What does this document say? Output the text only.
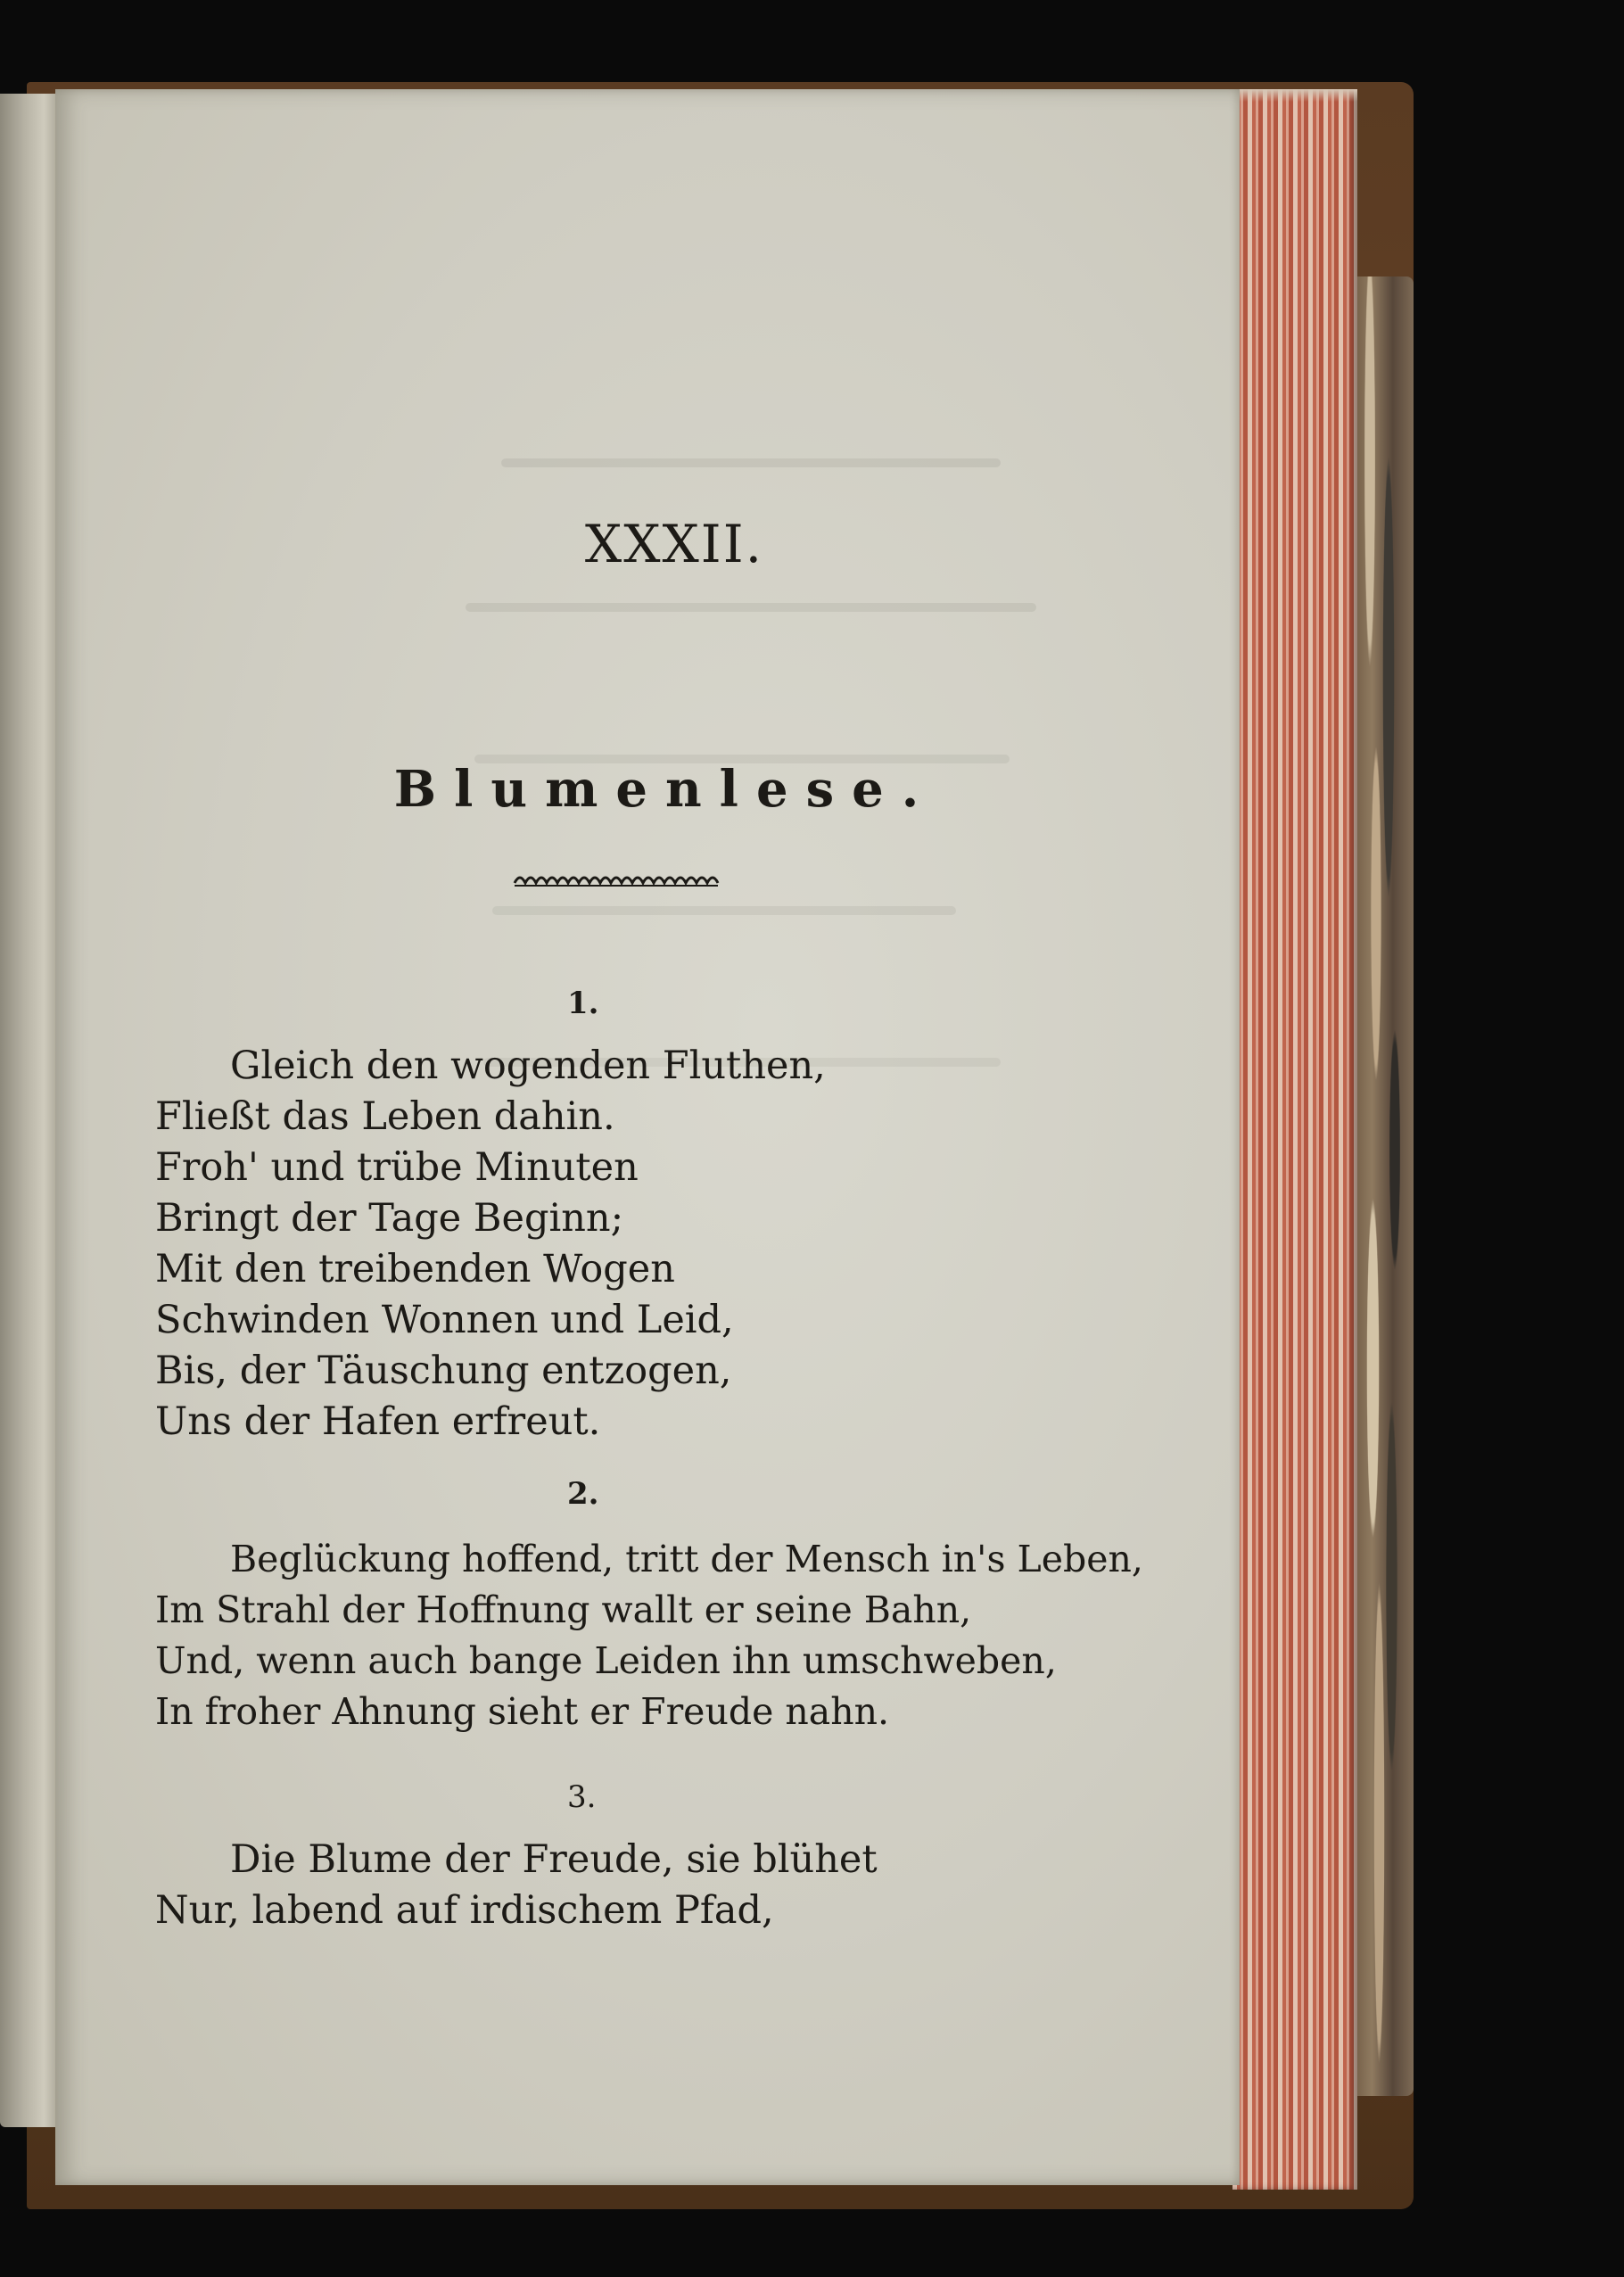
XXXII.
Blumenlese.
1.
Gleich den wogenden Fluthen,
Fließt das Leben dahin.
Froh' und trübe Minuten
Bringt der Tage Beginn;
Mit den treibenden Wogen
Schwinden Wonnen und Leid,
Bis, der Täuschung entzogen,
Uns der Hafen erfreut.
2.
Beglückung hoffend, tritt der Mensch in's Leben,
Im Strahl der Hoffnung wallt er seine Bahn,
Und, wenn auch bange Leiden ihn umschweben,
In froher Ahnung sieht er Freude nahn.
3.
Die Blume der Freude, sie blühet
Nur, labend auf irdischem Pfad,
